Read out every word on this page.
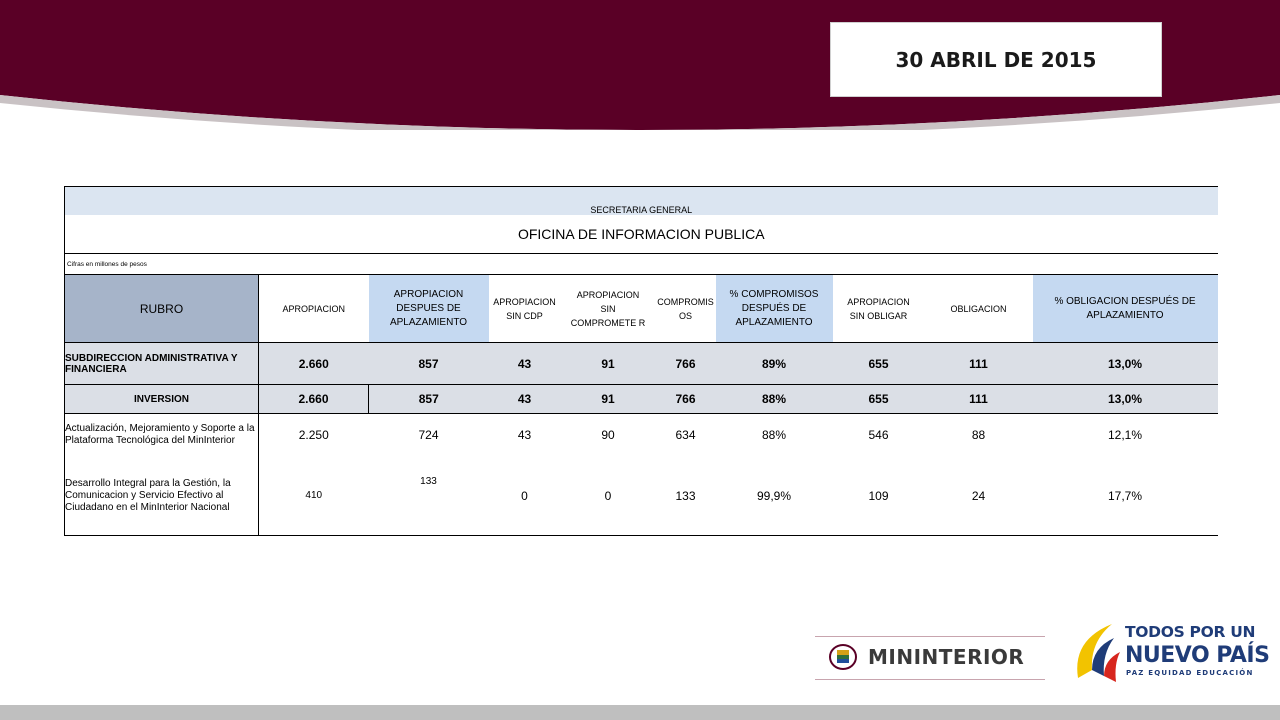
30 ABRIL DE 2015
SECRETARIA GENERAL									
OFICINA DE INFORMACION PUBLICA									
Cifras en millones de pesos									
RUBRO	APROPIACION	APROPIACION DESPUES DE APLAZAMIENTO	APROPIACION SIN CDP	APROPIACION SIN COMPROMETE R	COMPROMIS OS	% COMPROMISOS DESPUÉS DE APLAZAMIENTO	APROPIACION SIN OBLIGAR	OBLIGACION	% OBLIGACION DESPUÉS DE APLAZAMIENTO
SUBDIRECCION ADMINISTRATIVA Y FINANCIERA	2.660	857	43	91	766	89%	655	111	13,0%
INVERSION	2.660	857	43	91	766	88%	655	111	13,0%
Actualización, Mejoramiento y Soporte a la Plataforma Tecnológica del MinInterior	2.250	724	43	90	634	88%	546	88	12,1%
Desarrollo Integral para la Gestión, la Comunicacion y Servicio Efectivo al Ciudadano en el MinInterior Nacional	410	133	0	0	133	99,9%	109	24	17,7%
MININTERIOR
TODOS POR UN
NUEVO PAÍS
PAZ EQUIDAD EDUCACIÓN
